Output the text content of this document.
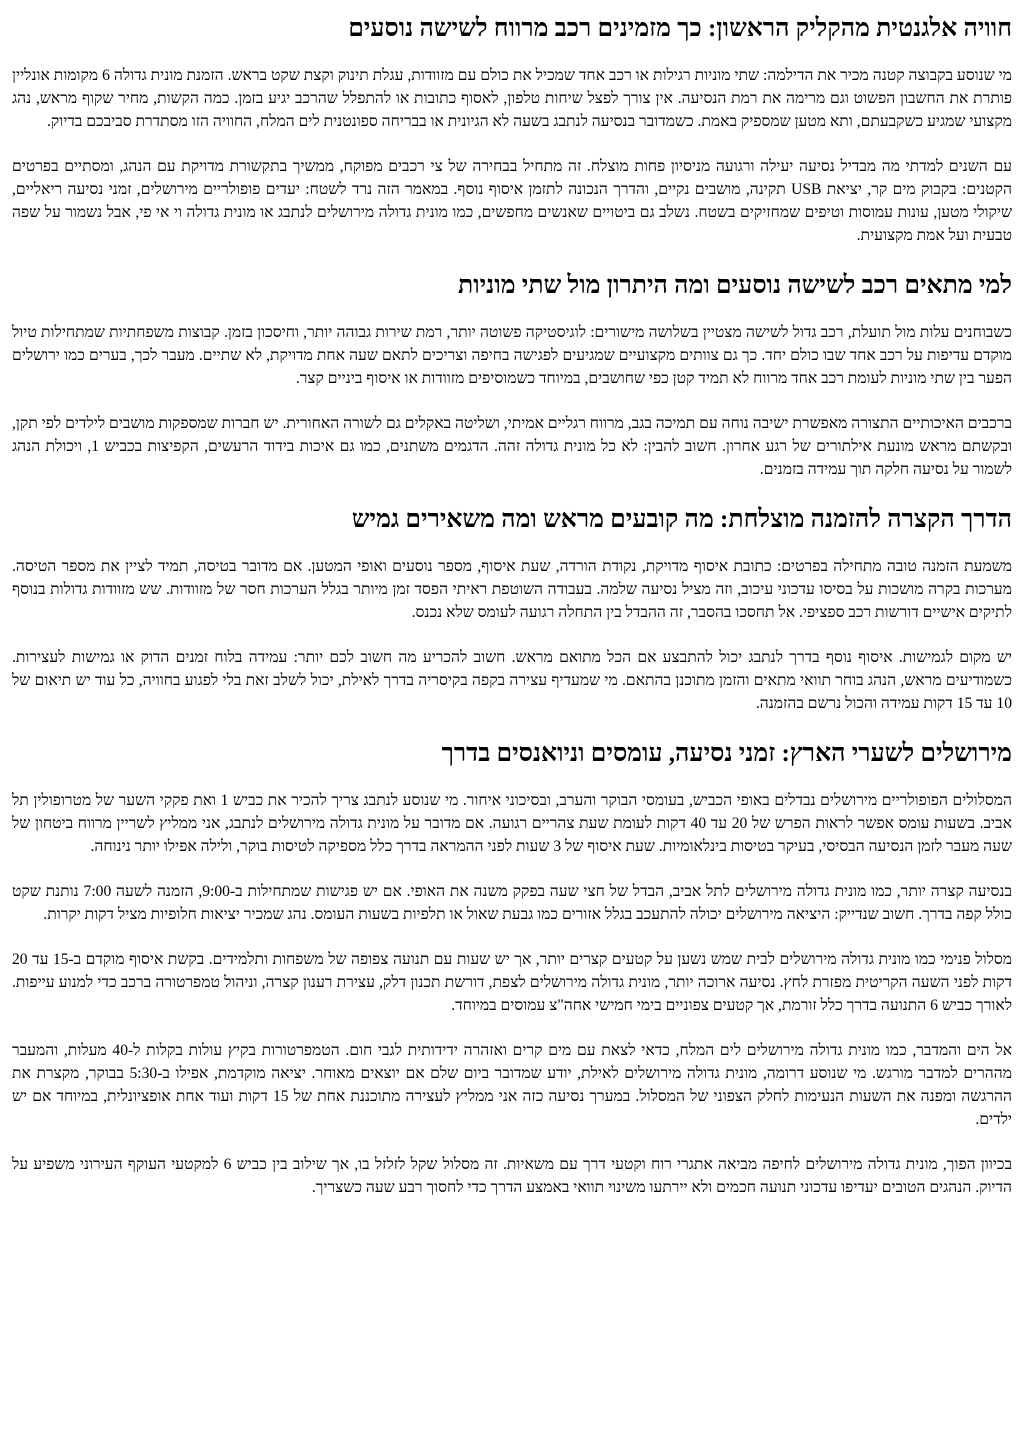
חוויה אלגנטית מהקליק הראשון: כך מזמינים רכב מרווח לשישה נוסעים

מי שנוסע בקבוצה קטנה מכיר את הדילמה: שתי מוניות רגילות או רכב אחד שמכיל את כולם עם מזוודות, עגלת תינוק וקצת שקט בראש. הזמנת מונית גדולה 6 מקומות אונליין פותרת את החשבון הפשוט וגם מרימה את רמת הנסיעה. אין צורך לפצל שיחות טלפון, לאסוף כתובות או להתפלל שהרכב יגיע בזמן. כמה הקשות, מחיר שקוף מראש, נהג מקצועי שמגיע כשקבעתם, ותא מטען שמספיק באמת. כשמדובר בנסיעה לנתבג בשעה לא הגיונית או בבריחה ספונטנית לים המלח, החוויה הזו מסתדרת סביבכם בדיוק.

עם השנים למדתי מה מבדיל נסיעה יעילה ורגועה מניסיון פחות מוצלח. זה מתחיל בבחירה של צי רכבים מפוקח, ממשיך בתקשורת מדויקת עם הנהג, ומסתיים בפרטים הקטנים: בקבוק מים קר, יציאת USB תקינה, מושבים נקיים, והדרך הנכונה לתזמן איסוף נוסף. במאמר הזה נרד לשטח: יעדים פופולריים מירושלים, זמני נסיעה ריאליים, שיקולי מטען, עונות עמוסות וטיפים שמחזיקים בשטח. נשלב גם ביטויים שאנשים מחפשים, כמו מונית גדולה מירושלים לנתבג או מונית גדולה וי אי פי, אבל נשמור על שפה טבעית ועל אמת מקצועית.

למי מתאים רכב לשישה נוסעים ומה היתרון מול שתי מוניות

כשבוחנים עלות מול תועלת, רכב גדול לשישה מצטיין בשלושה מישורים: לוגיסטיקה פשוטה יותר, רמת שירות גבוהה יותר, וחיסכון בזמן. קבוצות משפחתיות שמתחילות טיול מוקדם עדיפות על רכב אחד שבו כולם יחד. כך גם צוותים מקצועיים שמגיעים לפגישה בחיפה וצריכים לתאם שעה אחת מדויקת, לא שתיים. מעבר לכך, בערים כמו ירושלים הפער בין שתי מוניות לעומת רכב אחד מרווח לא תמיד קטן כפי שחושבים, במיוחד כשמוסיפים מזוודות או איסוף ביניים קצר.

ברכבים האיכותיים התצורה מאפשרת ישיבה נוחה עם תמיכה בגב, מרווח רגליים אמיתי, ושליטה באקלים גם לשורה האחורית. יש חברות שמספקות מושבים לילדים לפי תקן, ובקשתם מראש מונעת אילתורים של רגע אחרון. חשוב להבין: לא כל מונית גדולה זהה. הדגמים משתנים, כמו גם איכות בידוד הרעשים, הקפיצות בכביש 1, ויכולת הנהג לשמור על נסיעה חלקה תוך עמידה בזמנים.

הדרך הקצרה להזמנה מוצלחת: מה קובעים מראש ומה משאירים גמיש

משמעת הזמנה טובה מתחילה בפרטים: כתובת איסוף מדויקת, נקודת הורדה, שעת איסוף, מספר נוסעים ואופי המטען. אם מדובר בטיסה, תמיד לציין את מספר הטיסה. מערכות בקרה מושכות על בסיסו עדכוני עיכוב, וזה מציל נסיעה שלמה. בעבודה השוטפת ראיתי הפסד זמן מיותר בגלל הערכות חסר של מזוודות. שש מזוודות גדולות בנוסף לתיקים אישיים דורשות רכב ספציפי. אל תחסכו בהסבר, זה ההבדל בין התחלה רגועה לעומס שלא נכנס.

יש מקום לגמישות. איסוף נוסף בדרך לנתבג יכול להתבצע אם הכל מתואם מראש. חשוב להכריע מה חשוב לכם יותר: עמידה בלוח זמנים הדוק או גמישות לעצירות. כשמודיעים מראש, הנהג בוחר תוואי מתאים והזמן מתוכנן בהתאם. מי שמעדיף עצירה בקפה בקיסריה בדרך לאילת, יכול לשלב זאת בלי לפגוע בחוויה, כל עוד יש תיאום של 10 עד 15 דקות עמידה והכול נרשם בהזמנה.

מירושלים לשערי הארץ: זמני נסיעה, עומסים וניואנסים בדרך

המסלולים הפופולריים מירושלים נבדלים באופי הכביש, בעומסי הבוקר והערב, ובסיכוני איחור. מי שנוסע לנתבג צריך להכיר את כביש 1 ואת פקקי השער של מטרופולין תל אביב. בשעות עומס אפשר לראות הפרש של 20 עד 40 דקות לעומת שעת צהריים רגועה. אם מדובר על מונית גדולה מירושלים לנתבג, אני ממליץ לשריין מרווח ביטחון של שעה מעבר לזמן הנסיעה הבסיסי, בעיקר בטיסות בינלאומיות. שעת איסוף של 3 שעות לפני ההמראה בדרך כלל מספיקה לטיסות בוקר, ולילה אפילו יותר נינוחה.

בנסיעה קצרה יותר, כמו מונית גדולה מירושלים לתל אביב, הבדל של חצי שעה בפקק משנה את האופי. אם יש פגישות שמתחילות ב-9:00, הזמנה לשעה 7:00 נותנת שקט כולל קפה בדרך. חשוב שנדייק: היציאה מירושלים יכולה להתעכב בגלל אזורים כמו גבעת שאול או תלפיות בשעות העומס. נהג שמכיר יציאות חלופיות מציל דקות יקרות.

מסלול פנימי כמו מונית גדולה מירושלים לבית שמש נשען על קטעים קצרים יותר, אך יש שעות עם תנועה צפופה של משפחות ותלמידים. בקשת איסוף מוקדם ב-15 עד 20 דקות לפני השעה הקריטית מפזרת לחץ. נסיעה ארוכה יותר, מונית גדולה מירושלים לצפת, דורשת תכנון דלק, עצירת רענון קצרה, וניהול טמפרטורה ברכב כדי למנוע עייפות. לאורך כביש 6 התנועה בדרך כלל זורמת, אך קטעים צפוניים בימי חמישי אחה"צ עמוסים במיוחד.

אל הים והמדבר, כמו מונית גדולה מירושלים לים המלח, כדאי לצאת עם מים קרים ואזהרה ידידותית לגבי חום. הטמפרטורות בקיץ עולות בקלות ל-40 מעלות, והמעבר מההרים למדבר מורגש. מי שנוסע דרומה, מונית גדולה מירושלים לאילת, יודע שמדובר ביום שלם אם יוצאים מאוחר. יציאה מוקדמת, אפילו ב-5:30 בבוקר, מקצרת את ההרגשה ומפנה את השעות הנעימות לחלק הצפוני של המסלול. במערך נסיעה כזה אני ממליץ לעצירה מתוכננת אחת של 15 דקות ועוד אחת אופציונלית, במיוחד אם יש ילדים.

בכיוון הפוך, מונית גדולה מירושלים לחיפה מביאה אתגרי רוח וקטעי דרך עם משאיות. זה מסלול שקל לזלזל בו, אך שילוב בין כביש 6 למקטעי העוקף העירוני משפיע על הדיוק. הנהגים הטובים יעדיפו עדכוני תנועה חכמים ולא יירתעו משינוי תוואי באמצע הדרך כדי לחסוך רבע שעה כשצריך.
